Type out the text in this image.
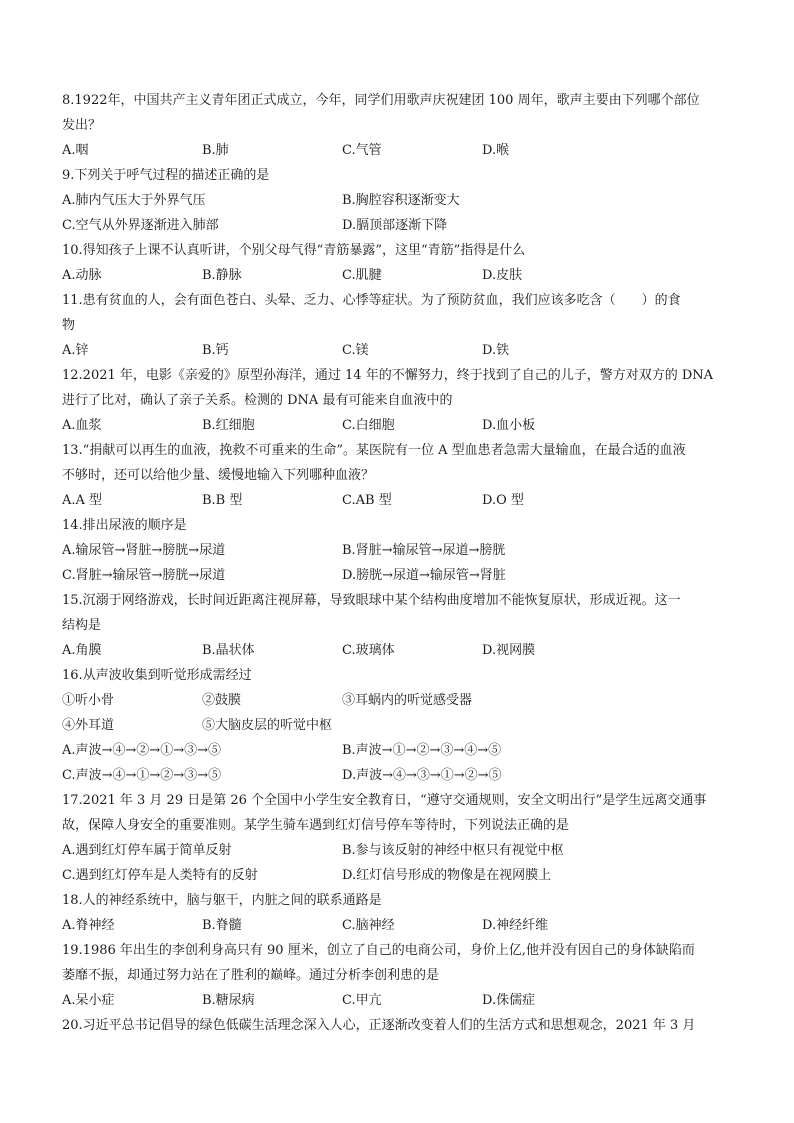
8.1922年，中国共产主义青年团正式成立，今年，同学们用歌声庆祝建团 100 周年，歌声主要由下列哪个部位
发出？
A.咽	B.肺	C.气管	D.喉
9.下列关于呼气过程的描述正确的是
A.肺内气压大于外界气压	B.胸腔容积逐渐变大
C.空气从外界逐渐进入肺部	D.膈顶部逐渐下降
10.得知孩子上课不认真听讲，个别父母气得“青筋暴露”，这里“青筋”指得是什么
A.动脉	B.静脉	C.肌腱	D.皮肤
11.患有贫血的人，会有面色苍白、头晕、乏力、心悸等症状。为了预防贫血，我们应该多吃含（　　）的食
物
A.锌	B.钙	C.镁	D.铁
12.2021 年，电影《亲爱的》原型孙海洋，通过 14 年的不懈努力，终于找到了自己的儿子，警方对双方的 DNA
进行了比对，确认了亲子关系。检测的 DNA 最有可能来自血液中的
A.血浆	B.红细胞	C.白细胞	D.血小板
13.“捐献可以再生的血液，挽救不可重来的生命”。某医院有一位 A 型血患者急需大量输血，在最合适的血液
不够时，还可以给他少量、缓慢地输入下列哪种血液？
A.A 型	B.B 型	C.AB 型	D.O 型
14.排出尿液的顺序是
A.输尿管→肾脏→膀胱→尿道	B.肾脏→输尿管→尿道→膀胱
C.肾脏→输尿管→膀胱→尿道	D.膀胱→尿道→输尿管→肾脏
15.沉溺于网络游戏，长时间近距离注视屏幕，导致眼球中某个结构曲度增加不能恢复原状，形成近视。这一
结构是
A.角膜	B.晶状体	C.玻璃体	D.视网膜
16.从声波收集到听觉形成需经过
①听小骨	②鼓膜	③耳蜗内的听觉感受器
④外耳道	⑤大脑皮层的听觉中枢
A.声波→④→②→①→③→⑤	B.声波→①→②→③→④→⑤
C.声波→④→①→②→③→⑤	D.声波→④→③→①→②→⑤
17.2021 年 3 月 29 日是第 26 个全国中小学生安全教育日，“遵守交通规则，安全文明出行”是学生远离交通事
故，保障人身安全的重要准则。某学生骑车遇到红灯信号停车等待时，下列说法正确的是
A.遇到红灯停车属于简单反射	B.参与该反射的神经中枢只有视觉中枢
C.遇到红灯停车是人类特有的反射	D.红灯信号形成的物像是在视网膜上
18.人的神经系统中，脑与躯干，内脏之间的联系通路是
A.脊神经	B.脊髓	C.脑神经	D.神经纤维
19.1986 年出生的李创利身高只有 90 厘米，创立了自己的电商公司，身价上亿,他并没有因自己的身体缺陷而
萎靡不振，却通过努力站在了胜利的巅峰。通过分析李创利患的是
A.呆小症	B.糖尿病	C.甲亢	D.侏儒症
20.习近平总书记倡导的绿色低碳生活理念深入人心，正逐渐改变着人们的生活方式和思想观念，2021 年 3 月
